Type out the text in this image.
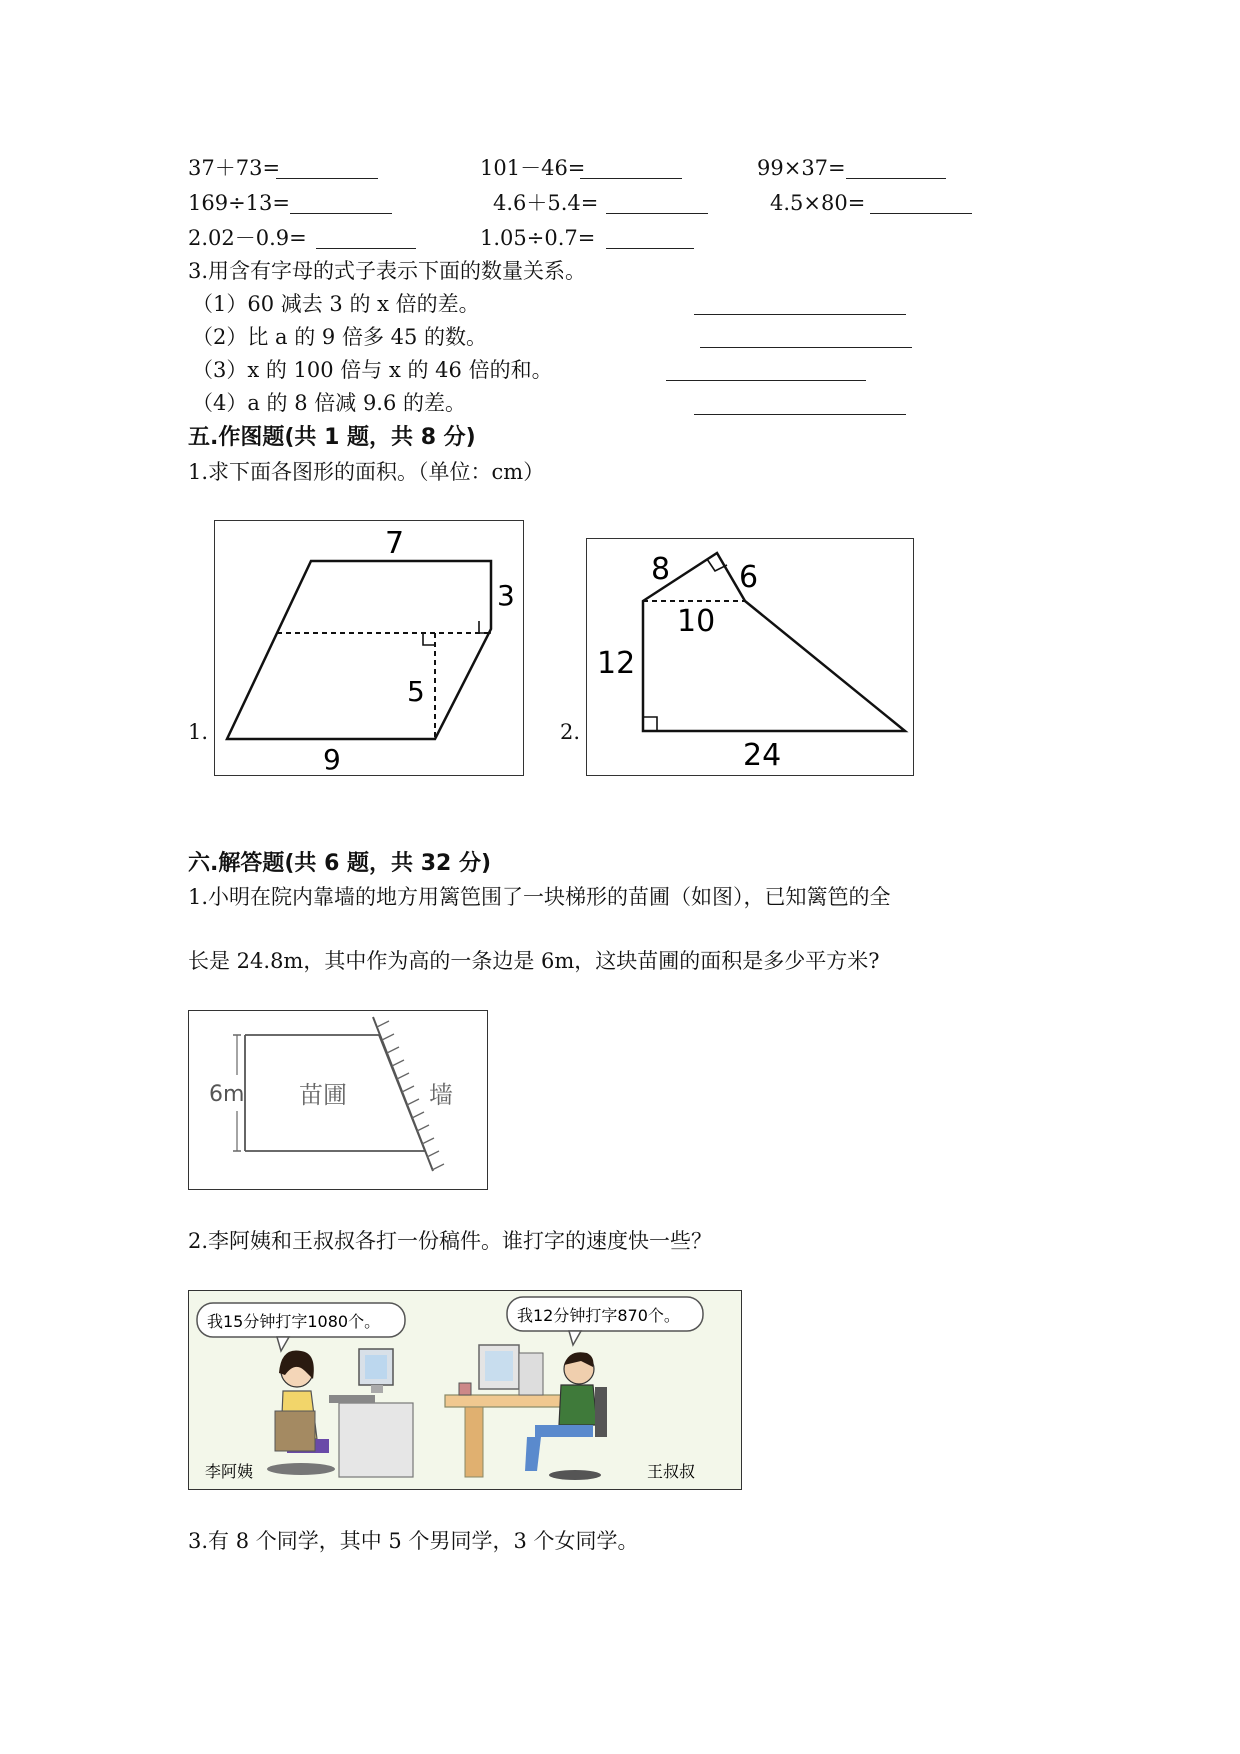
37＋73=	101－46=	99×37=
169÷13=	4.6＋5.4=	4.5×80=
2.02－0.9=	1.05÷0.7=
3.用含有字母的式子表示下面的数量关系。
（1）60 减去 3 的 x 倍的差。
（2）比 a 的 9 倍多 45 的数。
（3）x 的 100 倍与 x 的 46 倍的和。
（4）a 的 8 倍减 9.6 的差。
五.作图题(共 1 题，共 8 分)
1.求下面各图形的面积。（单位：cm）
1.
7
3
5
9
2.
8 6
10
12
24
六.解答题(共 6 题，共 32 分)
1.小明在院内靠墙的地方用篱笆围了一块梯形的苗圃（如图），已知篱笆的全
长是 24.8m，其中作为高的一条边是 6m，这块苗圃的面积是多少平方米?
6m 苗圃	墙
2.李阿姨和王叔叔各打一份稿件。谁打字的速度快一些？
我15分钟打字1080个。	我12分钟打字870个。
李阿姨	王叔叔
3.有 8 个同学，其中 5 个男同学，3 个女同学。
